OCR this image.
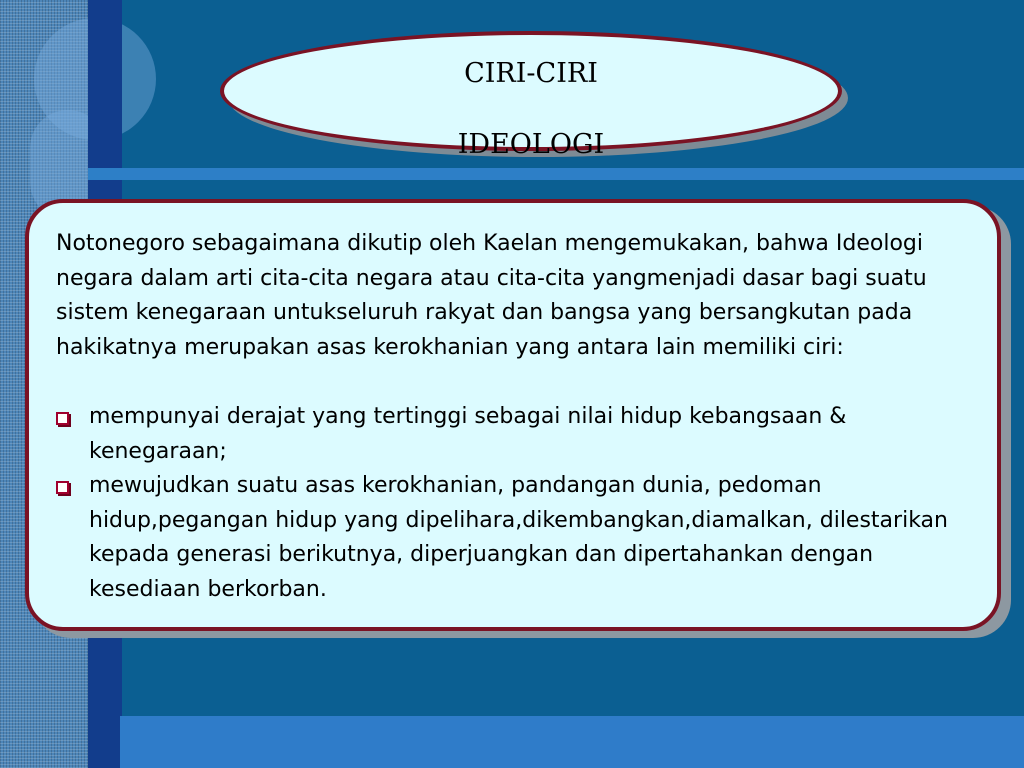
CIRI-CIRI

IDEOLOGI

Notonegoro sebagaimana dikutip oleh Kaelan mengemukakan, bahwa Ideologi negara dalam arti cita-cita negara atau cita-cita yangmenjadi dasar bagi suatu sistem kenegaraan untukseluruh rakyat dan bangsa yang bersangkutan pada hakikatnya merupakan asas kerokhanian yang antara lain memiliki ciri:

mempunyai derajat yang tertinggi sebagai nilai hidup kebangsaan & kenegaraan;
mewujudkan suatu asas kerokhanian, pandangan dunia, pedoman hidup,pegangan hidup yang dipelihara,dikembangkan,diamalkan, dilestarikan kepada generasi berikutnya, diperjuangkan dan dipertahankan dengan kesediaan berkorban.
